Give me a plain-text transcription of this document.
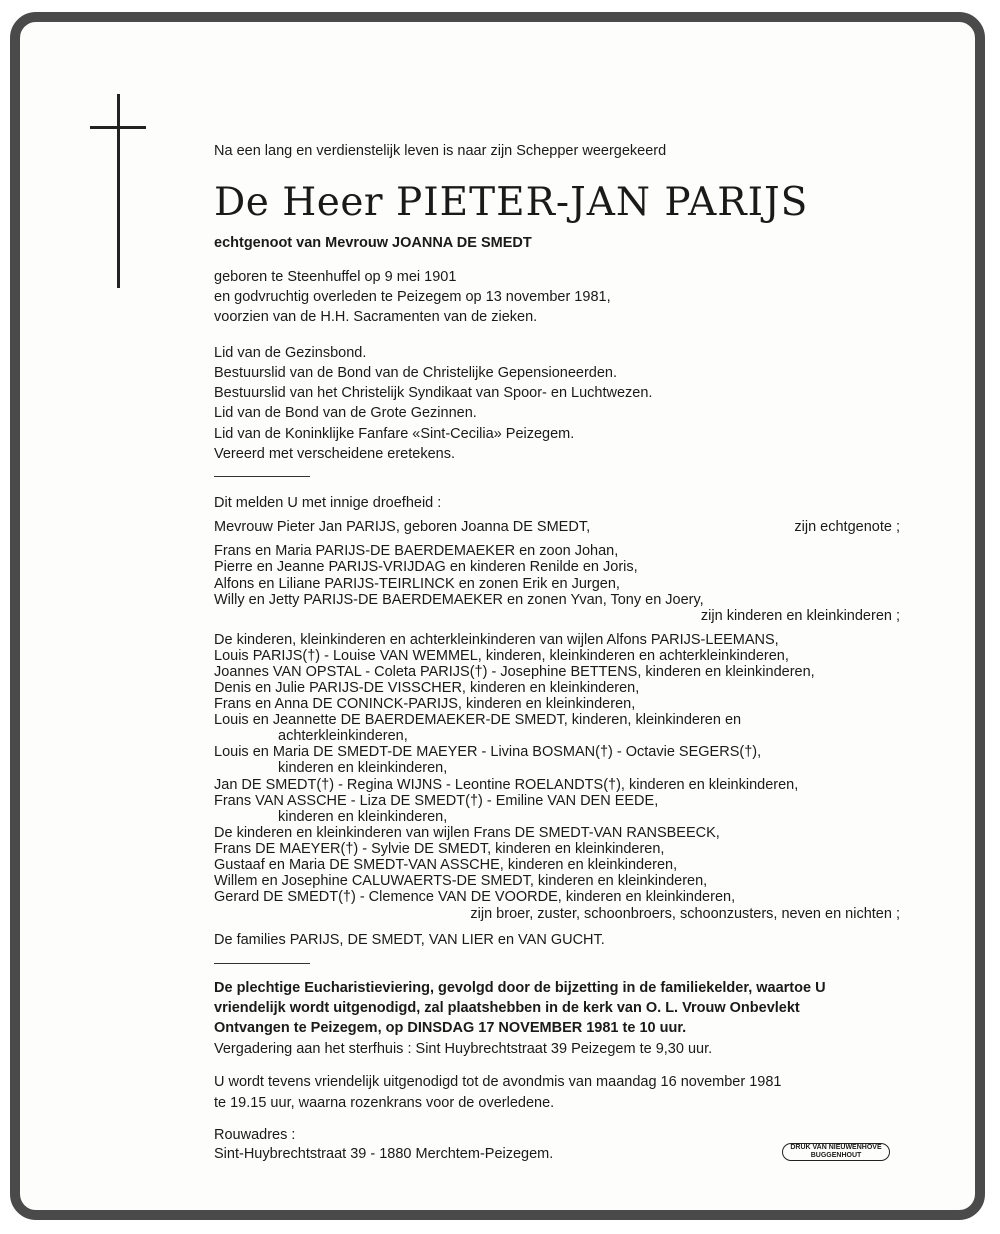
Na een lang en verdienstelijk leven is naar zijn Schepper weergekeerd
De Heer PIETER-JAN PARIJS
echtgenoot van Mevrouw JOANNA DE SMEDT
geboren te Steenhuffel op 9 mei 1901
en godvruchtig overleden te Peizegem op 13 november 1981,
voorzien van de H.H. Sacramenten van de zieken.
Lid van de Gezinsbond.
Bestuurslid van de Bond van de Christelijke Gepensioneerden.
Bestuurslid van het Christelijk Syndikaat van Spoor- en Luchtwezen.
Lid van de Bond van de Grote Gezinnen.
Lid van de Koninklijke Fanfare «Sint-Cecilia» Peizegem.
Vereerd met verscheidene eretekens.
Dit melden U met innige droefheid :
Mevrouw Pieter Jan PARIJS, geboren Joanna DE SMEDT,	zijn echtgenote ;
Frans en Maria PARIJS-DE BAERDEMAEKER en zoon Johan,
Pierre en Jeanne PARIJS-VRIJDAG en kinderen Renilde en Joris,
Alfons en Liliane PARIJS-TEIRLINCK en zonen Erik en Jurgen,
Willy en Jetty PARIJS-DE BAERDEMAEKER en zonen Yvan, Tony en Joery,
zijn kinderen en kleinkinderen ;
De kinderen, kleinkinderen en achterkleinkinderen van wijlen Alfons PARIJS-LEEMANS,
Louis PARIJS(†) - Louise VAN WEMMEL, kinderen, kleinkinderen en achterkleinkinderen,
Joannes VAN OPSTAL - Coleta PARIJS(†) - Josephine BETTENS, kinderen en kleinkinderen,
Denis en Julie PARIJS-DE VISSCHER, kinderen en kleinkinderen,
Frans en Anna DE CONINCK-PARIJS, kinderen en kleinkinderen,
Louis en Jeannette DE BAERDEMAEKER-DE SMEDT, kinderen, kleinkinderen en
achterkleinkinderen,
Louis en Maria DE SMEDT-DE MAEYER - Livina BOSMAN(†) - Octavie SEGERS(†),
kinderen en kleinkinderen,
Jan DE SMEDT(†) - Regina WIJNS - Leontine ROELANDTS(†), kinderen en kleinkinderen,
Frans VAN ASSCHE - Liza DE SMEDT(†) - Emiline VAN DEN EEDE,
kinderen en kleinkinderen,
De kinderen en kleinkinderen van wijlen Frans DE SMEDT-VAN RANSBEECK,
Frans DE MAEYER(†) - Sylvie DE SMEDT, kinderen en kleinkinderen,
Gustaaf en Maria DE SMEDT-VAN ASSCHE, kinderen en kleinkinderen,
Willem en Josephine CALUWAERTS-DE SMEDT, kinderen en kleinkinderen,
Gerard DE SMEDT(†) - Clemence VAN DE VOORDE, kinderen en kleinkinderen,
zijn broer, zuster, schoonbroers, schoonzusters, neven en nichten ;
De families PARIJS, DE SMEDT, VAN LIER en VAN GUCHT.
De plechtige Eucharistieviering, gevolgd door de bijzetting in de familiekelder, waartoe U
vriendelijk wordt uitgenodigd, zal plaatshebben in de kerk van O. L. Vrouw Onbevlekt
Ontvangen te Peizegem, op DINSDAG 17 NOVEMBER 1981 te 10 uur.
Vergadering aan het sterfhuis : Sint Huybrechtstraat 39 Peizegem te 9,30 uur.
U wordt tevens vriendelijk uitgenodigd tot de avondmis van maandag 16 november 1981
te 19.15 uur, waarna rozenkrans voor de overledene.
Rouwadres :
Sint-Huybrechtstraat 39 - 1880 Merchtem-Peizegem.	DRUK VAN NIEUWENHOVE
BUGGENHOUT
